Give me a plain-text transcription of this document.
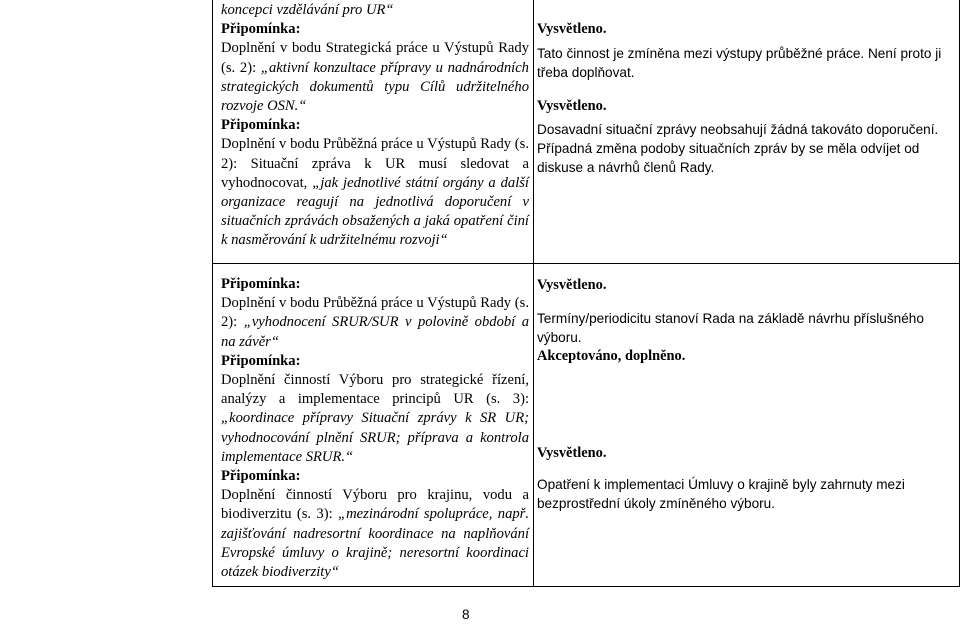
koncepci vzdělávání pro UR“

Připomínka:

Doplnění v bodu Strategická práce u Výstupů Rady (s. 2): „aktivní konzultace přípravy u nadnárodních strategických dokumentů typu Cílů udržitelného rozvoje OSN.“

Připomínka:

Doplnění v bodu Průběžná práce u Výstupů Rady (s. 2): Situační zpráva k UR musí sledovat a vyhodnocovat, „jak jednotlivé státní orgány a další organizace reagují na jednotlivá doporučení v situačních zprávách obsažených a jaká opatření činí k nasměrování k udržitelnému rozvoji“

Vysvětleno.

Tato činnost je zmíněna mezi výstupy průběžné práce. Není proto ji třeba doplňovat.

Vysvětleno.

Dosavadní situační zprávy neobsahují žádná takováto doporučení. Případná změna podoby situačních zpráv by se měla odvíjet od diskuse a návrhů členů Rady.

Připomínka:

Doplnění v bodu Průběžná práce u Výstupů Rady (s. 2): „vyhodnocení SRUR/SUR v polovině období a na závěr“

Připomínka:

Doplnění činností Výboru pro strategické řízení, analýzy a implementace principů UR (s. 3): „koordinace přípravy Situační zprávy k SR UR; vyhodnocování plnění SRUR; příprava a kontrola implementace SRUR.“

Připomínka:

Doplnění činností Výboru pro krajinu, vodu a biodiverzitu (s. 3): „mezinárodní spolupráce, např. zajišťování nadresortní koordinace na naplňování Evropské úmluvy o krajině; neresortní koordinaci otázek biodiverzity“

Vysvětleno.

Termíny/periodicitu stanoví Rada na základě návrhu příslušného výboru.

Akceptováno, doplněno.

Vysvětleno.

Opatření k implementaci Úmluvy o krajině byly zahrnuty mezi bezprostřední úkoly zmíněného výboru.

8
